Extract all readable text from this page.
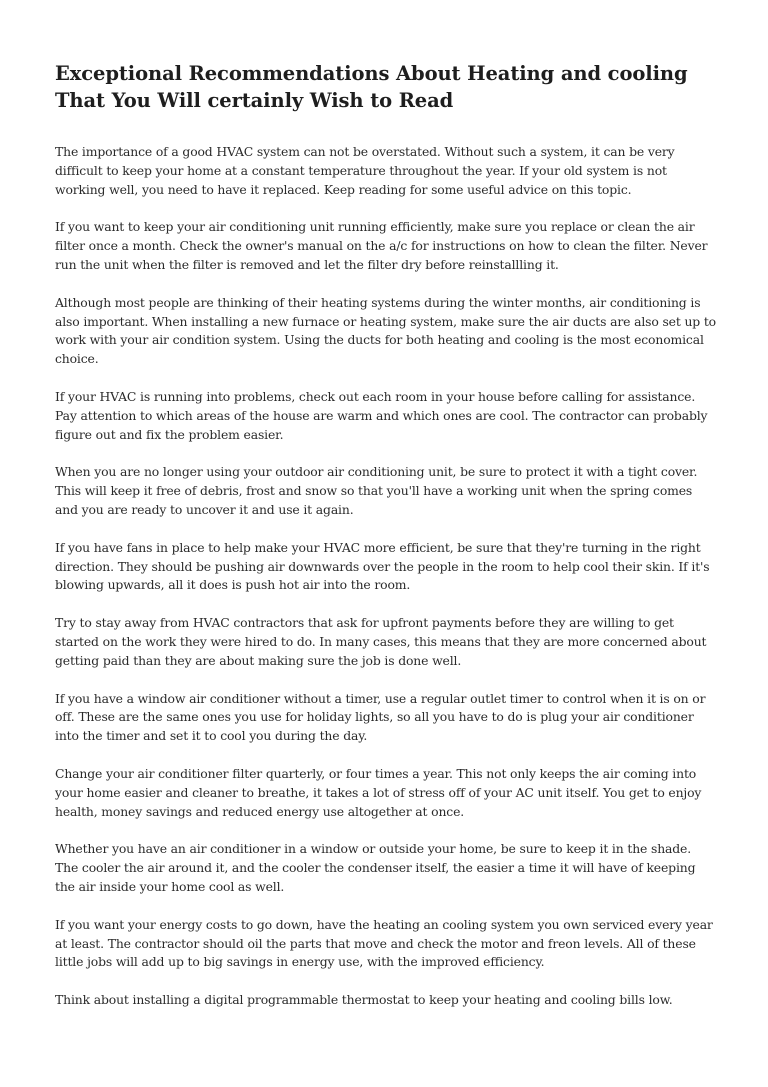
Exceptional Recommendations About Heating and cooling
That You Will certainly Wish to Read

The importance of a good HVAC system can not be overstated. Without such a system, it can be very difficult to keep your home at a constant temperature throughout the year. If your old system is not working well, you need to have it replaced. Keep reading for some useful advice on this topic.

If you want to keep your air conditioning unit running efficiently, make sure you replace or clean the air filter once a month. Check the owner's manual on the a/c for instructions on how to clean the filter. Never run the unit when the filter is removed and let the filter dry before reinstallling it.

Although most people are thinking of their heating systems during the winter months, air conditioning is also important. When installing a new furnace or heating system, make sure the air ducts are also set up to work with your air condition system. Using the ducts for both heating and cooling is the most economical choice.

If your HVAC is running into problems, check out each room in your house before calling for assistance. Pay attention to which areas of the house are warm and which ones are cool. The contractor can probably figure out and fix the problem easier.

When you are no longer using your outdoor air conditioning unit, be sure to protect it with a tight cover. This will keep it free of debris, frost and snow so that you'll have a working unit when the spring comes and you are ready to uncover it and use it again.

If you have fans in place to help make your HVAC more efficient, be sure that they're turning in the right direction. They should be pushing air downwards over the people in the room to help cool their skin. If it's blowing upwards, all it does is push hot air into the room.

Try to stay away from HVAC contractors that ask for upfront payments before they are willing to get started on the work they were hired to do. In many cases, this means that they are more concerned about getting paid than they are about making sure the job is done well.

If you have a window air conditioner without a timer, use a regular outlet timer to control when it is on or off. These are the same ones you use for holiday lights, so all you have to do is plug your air conditioner into the timer and set it to cool you during the day.

Change your air conditioner filter quarterly, or four times a year. This not only keeps the air coming into your home easier and cleaner to breathe, it takes a lot of stress off of your AC unit itself. You get to enjoy health, money savings and reduced energy use altogether at once.

Whether you have an air conditioner in a window or outside your home, be sure to keep it in the shade. The cooler the air around it, and the cooler the condenser itself, the easier a time it will have of keeping the air inside your home cool as well.

If you want your energy costs to go down, have the heating an cooling system you own serviced every year at least. The contractor should oil the parts that move and check the motor and freon levels. All of these little jobs will add up to big savings in energy use, with the improved efficiency.

Think about installing a digital programmable thermostat to keep your heating and cooling bills low.
